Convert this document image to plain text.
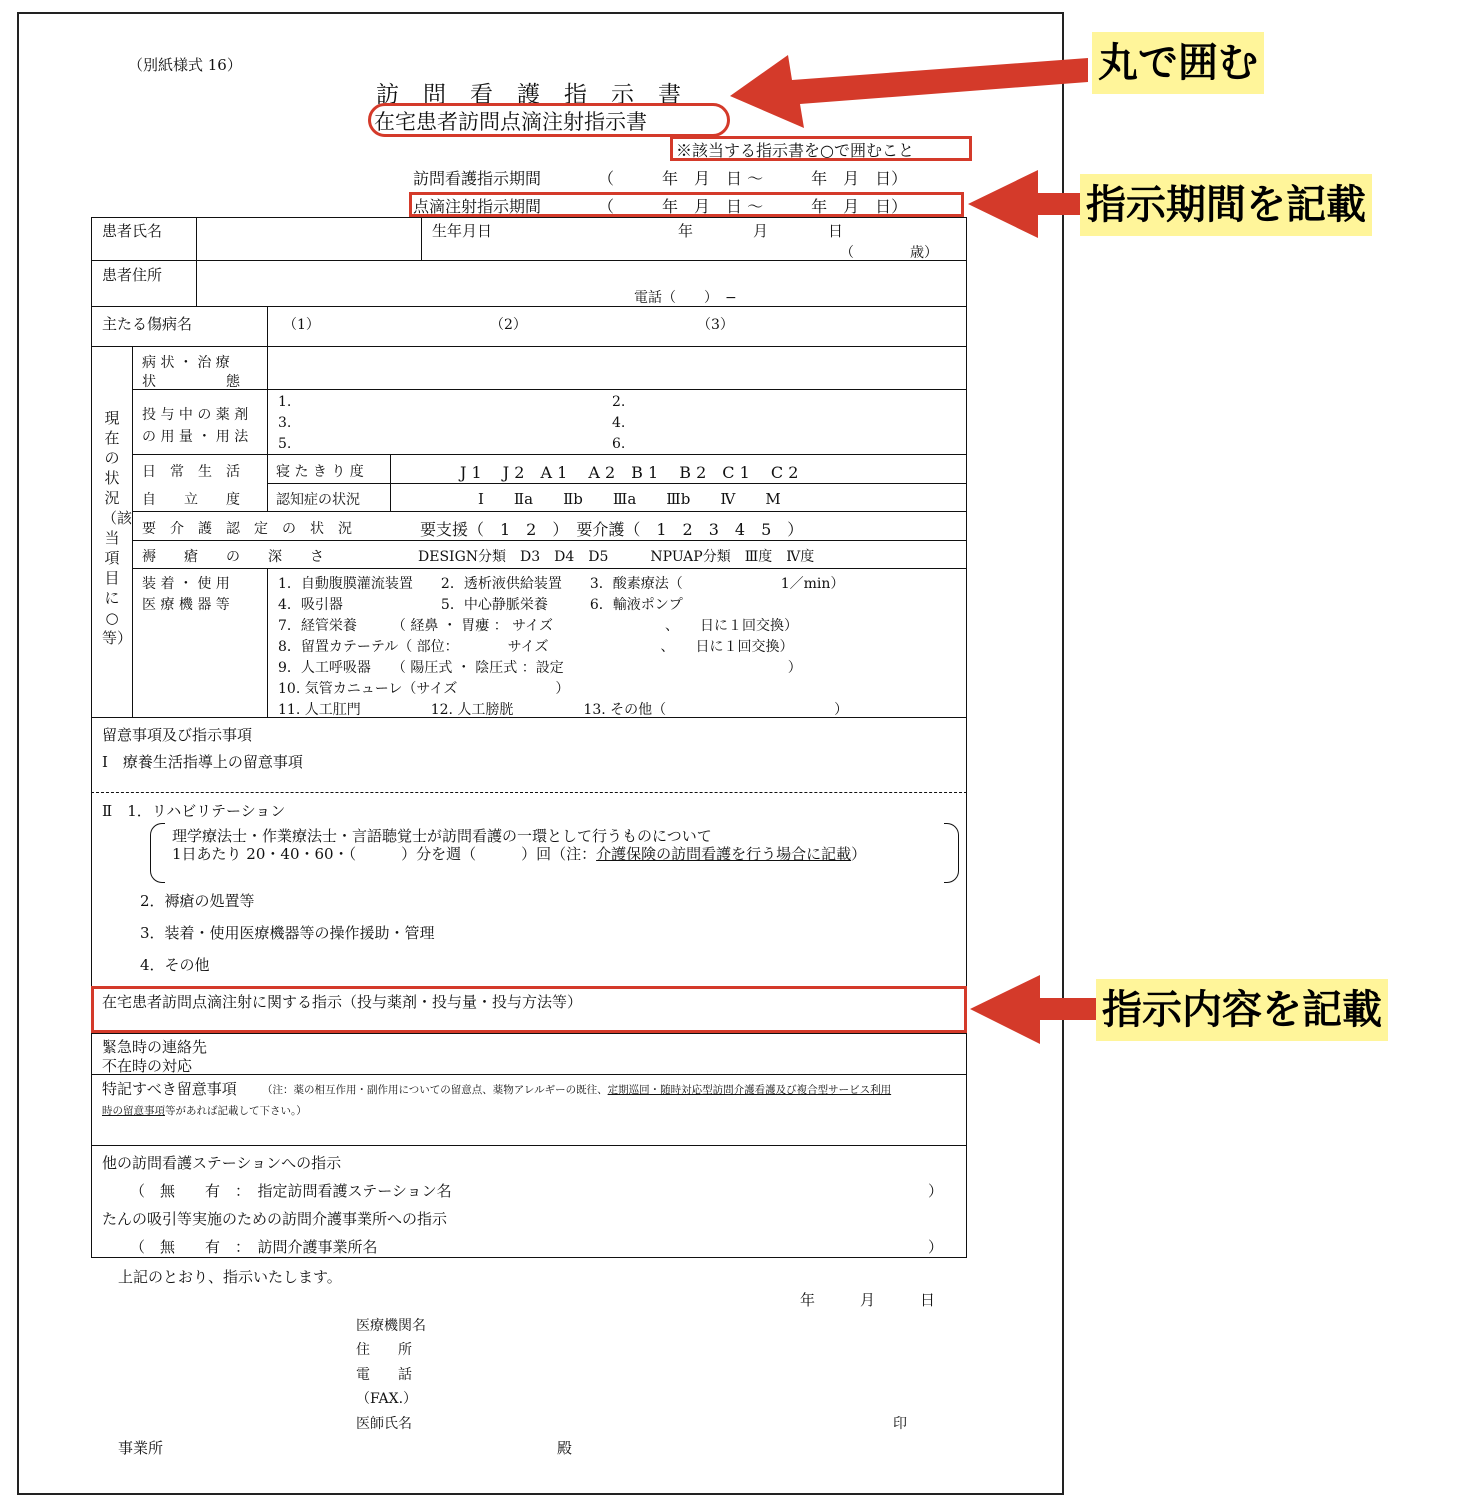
（別紙様式 16）
訪問看護指示書
在宅患者訪問点滴注射指示書
※該当する指示書を○で囲むこと
訪問看護指示期間	（　　　年　月　日 〜　　　年　月　日）
点滴注射指示期間	（　　　年　月　日 〜　　　年　月　日）
患者氏名	生年月日	年　　　　月　　　　日
（　　　　歳）
患者住所
電話（　　）　−
主たる傷病名	（1）	（2）	（3）
現在の状況（該当項目に○等）
病 状 ・ 治 療
状　　　　　態
投 与 中 の 薬 剤
の 用 量 ・ 用 法
1.	2.
3.	4.
5.	6.
日　常　生　活
自　　立　　度
寝 た き り 度	J 1　 J 2　A 1　 A 2　B 1　 B 2　C 1　 C 2
認知症の状況	Ⅰ　　Ⅱa　　Ⅱb　　Ⅲa　　Ⅲb　　Ⅳ　　M
要　介　護　認　定　の　状　況	要支援（　1　2　）　要介護（　1　2　3　4　5　）
褥　　瘡　　の　　深　　さ	DESIGN分類　D3　D4　D5　　　NPUAP分類　Ⅲ度　Ⅳ度
装 着 ・ 使 用
医 療 機 器 等
1．自動腹膜灌流装置　　2．透析液供給装置　　3．酸素療法（　　　　　　　1／min）
4．吸引器　　　　　　　5．中心静脈栄養　　　6．輸液ポンプ
7．経管栄養　　　（ 経鼻 ・ 胃瘻 ： サイズ　　　　　　　　、　　日に１回交換）
8．留置カテーテル（ 部位：　　　　サイズ　　　　　　　　、　　日に１回交換）
9．人工呼吸器　　（ 陽圧式 ・ 陰圧式 ：設定　　　　　　　　　　　　　　　　）
10. 気管カニューレ（サイズ　　　　　　　）
11. 人工肛門　　　　　12. 人工膀胱　　　　　13. その他（　　　　　　　　　　　　）
留意事項及び指示事項
Ⅰ　療養生活指導上の留意事項
Ⅱ　1．リハビリテーション
理学療法士・作業療法士・言語聴覚士が訪問看護の一環として行うものについて
1日あたり 20・40・60・（　　　）分を週（　　　）回（注：介護保険の訪問看護を行う場合に記載）
2．褥瘡の処置等
3．装着・使用医療機器等の操作援助・管理
4．その他
在宅患者訪問点滴注射に関する指示（投与薬剤・投与量・投与方法等）
緊急時の連絡先
不在時の対応
特記すべき留意事項 （注：薬の相互作用・副作用についての留意点、薬物アレルギーの既往、定期巡回・随時対応型訪問介護看護及び複合型サービス利用
時の留意事項等があれば記載して下さい。）
他の訪問看護ステーションへの指示
（　無　　有　：　指定訪問看護ステーション名	）
たんの吸引等実施のための訪問介護事業所への指示
（　無　　有　：　訪問介護事業所名	）
上記のとおり、指示いたします。
年　　　月　　　日
医療機関名
住　　所
電　　話
（FAX.）
医師氏名	印
事業所	殿
丸で囲む
指示期間を記載
指示内容を記載
